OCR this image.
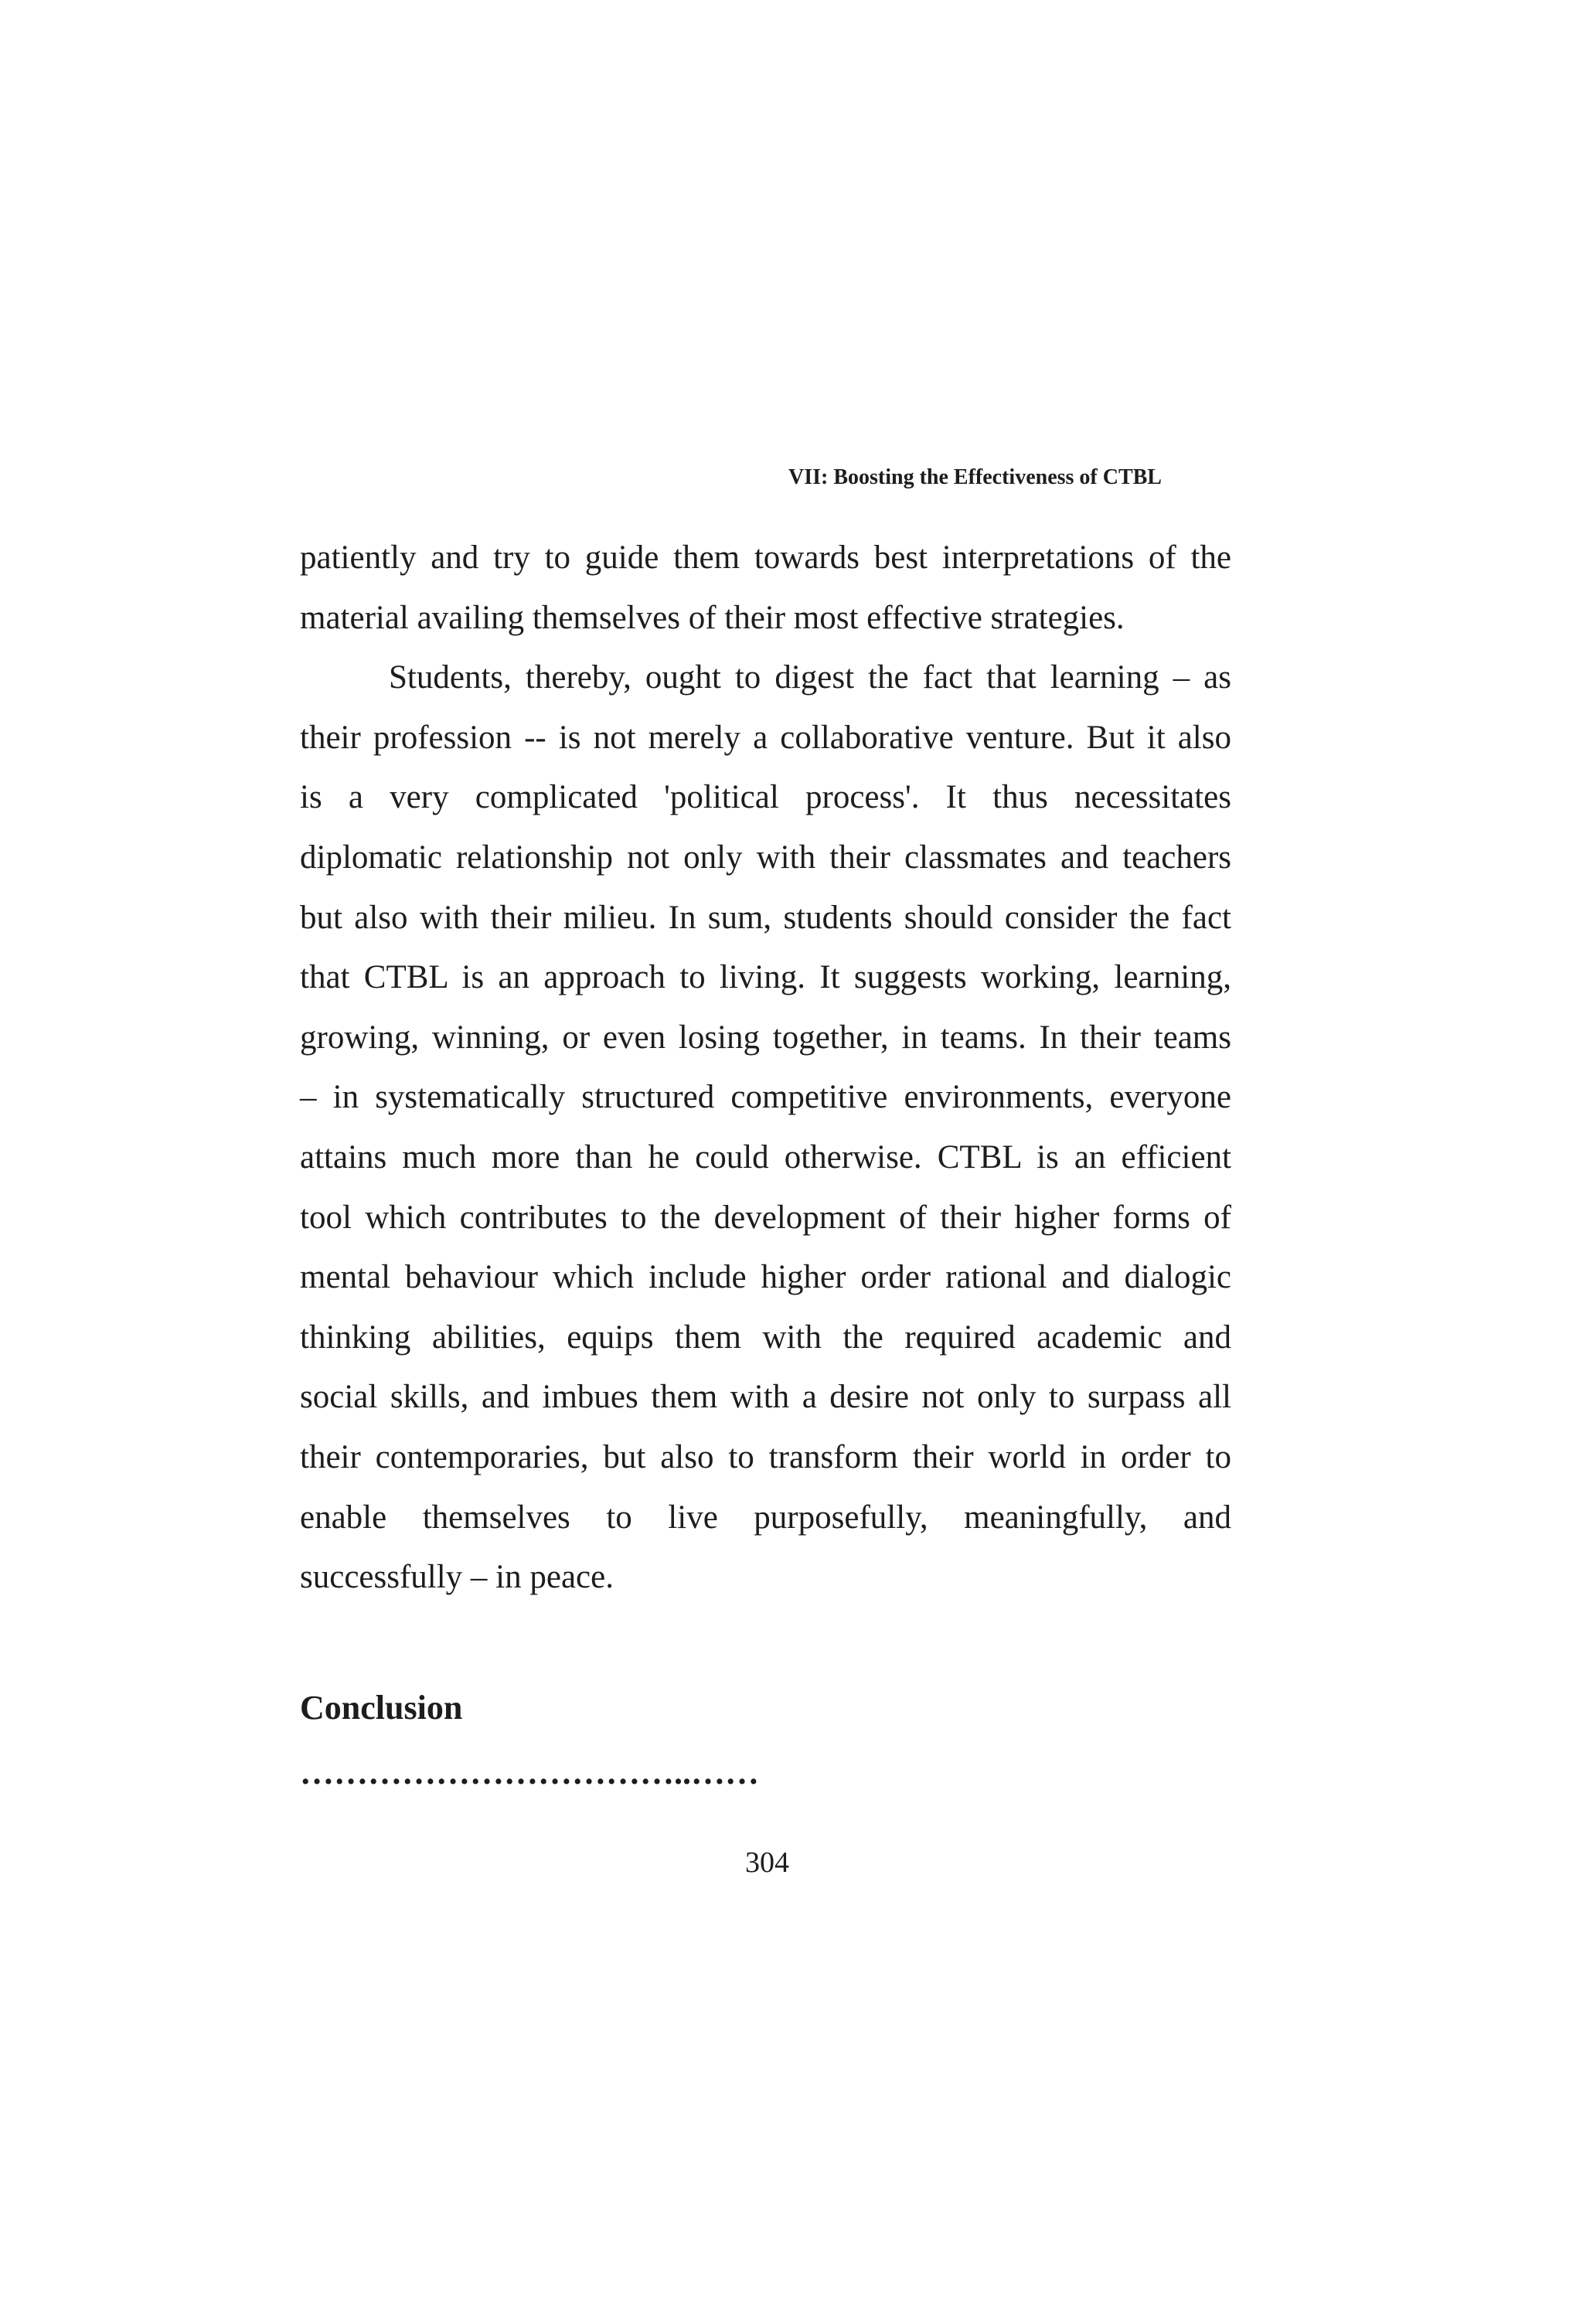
VII: Boosting the Effectiveness of CTBL
patiently and try to guide them towards best interpretations of the
material availing themselves of their most effective strategies.
Students, thereby, ought to digest the fact that learning – as
their profession -- is not merely a collaborative venture. But it also
is a very complicated 'political process'. It thus necessitates
diplomatic relationship not only with their classmates and teachers
but also with their milieu. In sum, students should consider the fact
that CTBL is an approach to living. It suggests working, learning,
growing, winning, or even losing together, in teams. In their teams
– in systematically structured competitive environments, everyone
attains much more than he could otherwise. CTBL is an efficient
tool which contributes to the development of their higher forms of
mental behaviour which include higher order rational and dialogic
thinking abilities, equips them with the required academic and
social skills, and imbues them with a desire not only to surpass all
their contemporaries, but also to transform their world in order to
enable themselves to live purposefully, meaningfully, and
successfully – in peace.
Conclusion
……………………………..……
304
